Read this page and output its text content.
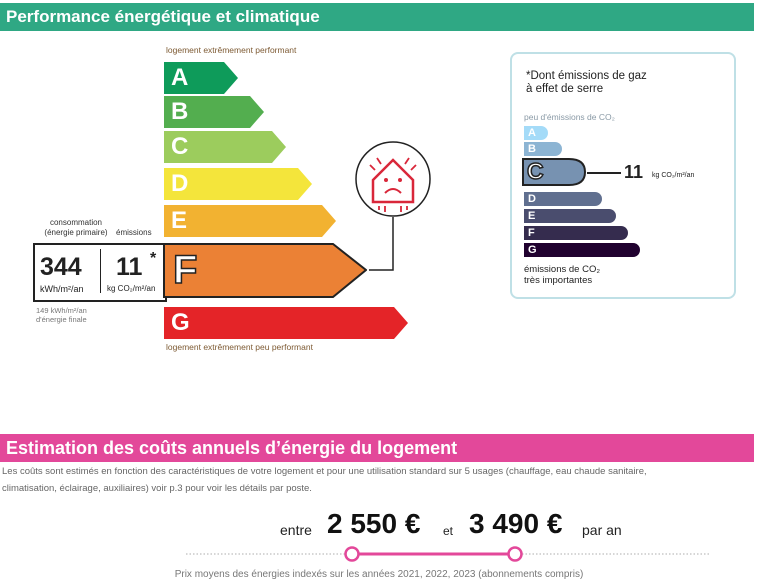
Performance énergétique et climatique
logement extrêmement performant
A
B
C
D
E
G
logement extrêmement peu performant
consommation
(énergie primaire)	émissions
344
kWh/m²/an
11 *
kg CO₂/m²/an F
149 kWh/m²/an
d'énergie finale
*Dont émissions de gaz
à effet de serre
peu d'émissions de CO₂
A
B
D
E
F
G
émissions de CO₂
très importantes
C	11 kg CO₂/m²/an
Estimation des coûts annuels d’énergie du logement
Les coûts sont estimés en fonction des caractéristiques de votre logement et pour une utilisation standard sur 5 usages (chauffage, eau chaude sanitaire,
climatisation, éclairage, auxiliaires) voir p.3 pour voir les détails par poste.
entre 2 550 € et 3 490 € par an
Prix moyens des énergies indexés sur les années 2021, 2022, 2023 (abonnements compris)
